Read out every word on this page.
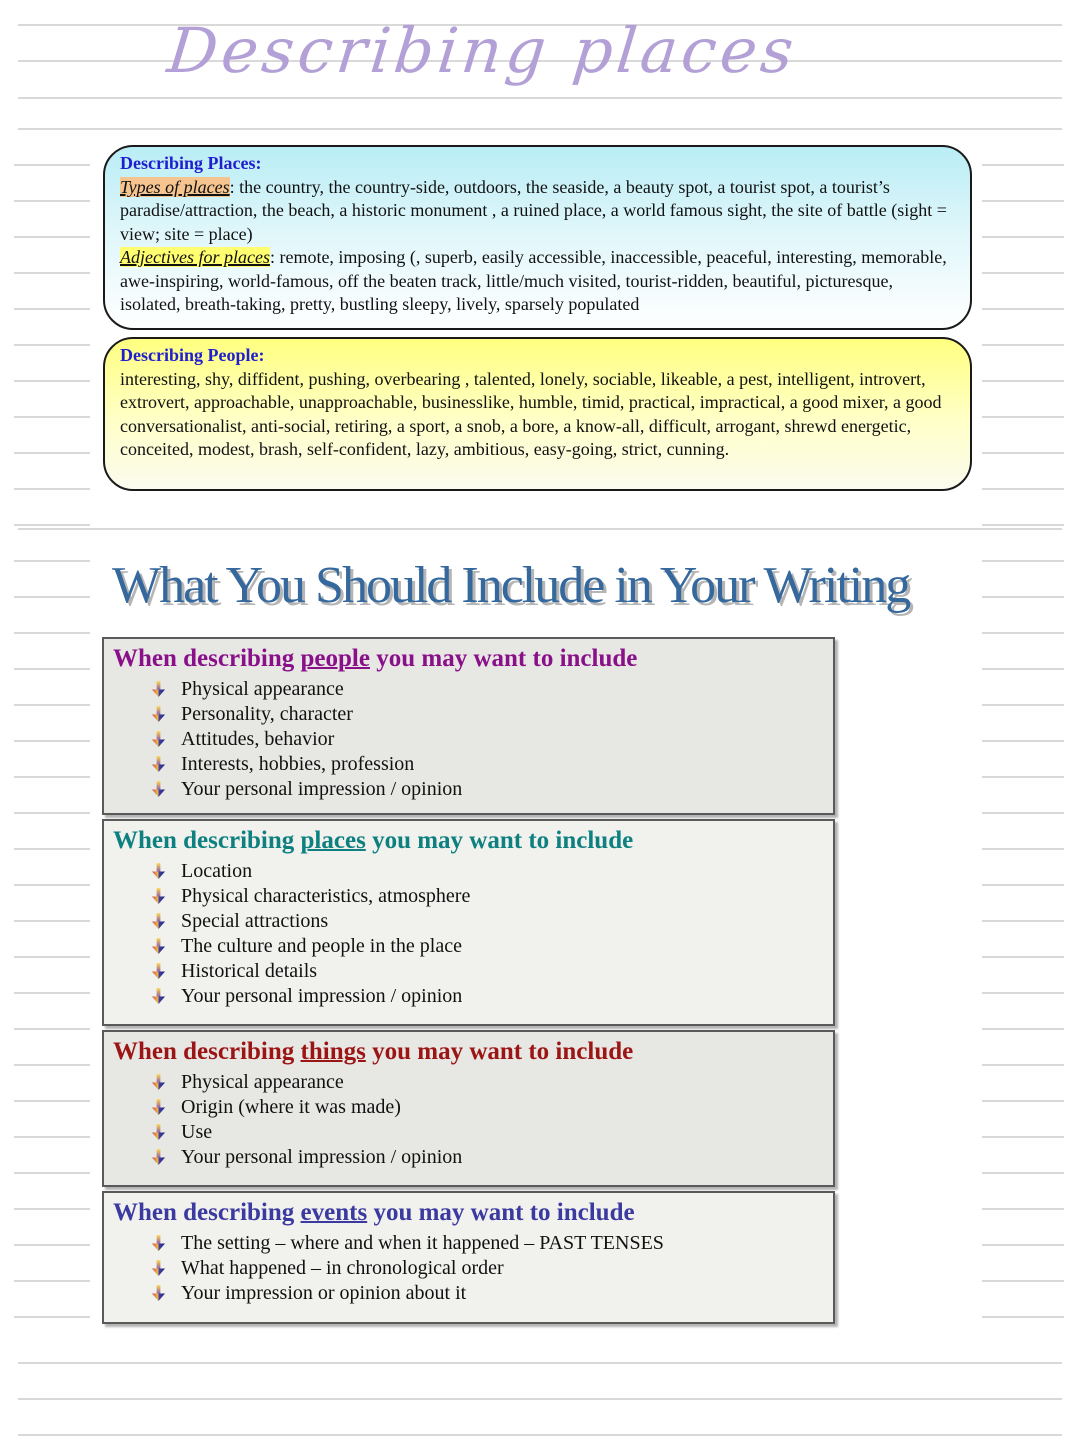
Describing places
Describing Places:

Types of places: the country, the country-side, outdoors, the seaside, a beauty spot, a tourist spot, a tourist’s paradise/attraction, the beach, a historic monument , a ruined place, a world famous sight, the site of battle (sight = view; site = place)

Adjectives for places: remote, imposing (, superb, easily accessible, inaccessible, peaceful, interesting, memorable, awe-inspiring, world-famous, off the beaten track, little/much visited, tourist-ridden, beautiful, picturesque, isolated, breath-taking, pretty, bustling sleepy, lively, sparsely populated

Describing People:

interesting, shy, diffident, pushing, overbearing , talented, lonely, sociable, likeable, a pest, intelligent, introvert, extrovert, approachable, unapproachable, businesslike, humble, timid, practical, impractical, a good mixer, a good conversationalist, anti-social, retiring, a sport, a snob, a bore, a know-all, difficult, arrogant, shrewd energetic, conceited, modest, brash, self-confident, lazy, ambitious, easy-going, strict, cunning.

What You Should Include in Your Writing
When describing people you may want to include
Physical appearance
Personality, character
Attitudes, behavior
Interests, hobbies, profession
Your personal impression / opinion
When describing places you may want to include
Location
Physical characteristics, atmosphere
Special attractions
The culture and people in the place
Historical details
Your personal impression / opinion
When describing things you may want to include
Physical appearance
Origin (where it was made)
Use
Your personal impression / opinion
When describing events you may want to include
The setting – where and when it happened – PAST TENSES
What happened – in chronological order
Your impression or opinion about it
